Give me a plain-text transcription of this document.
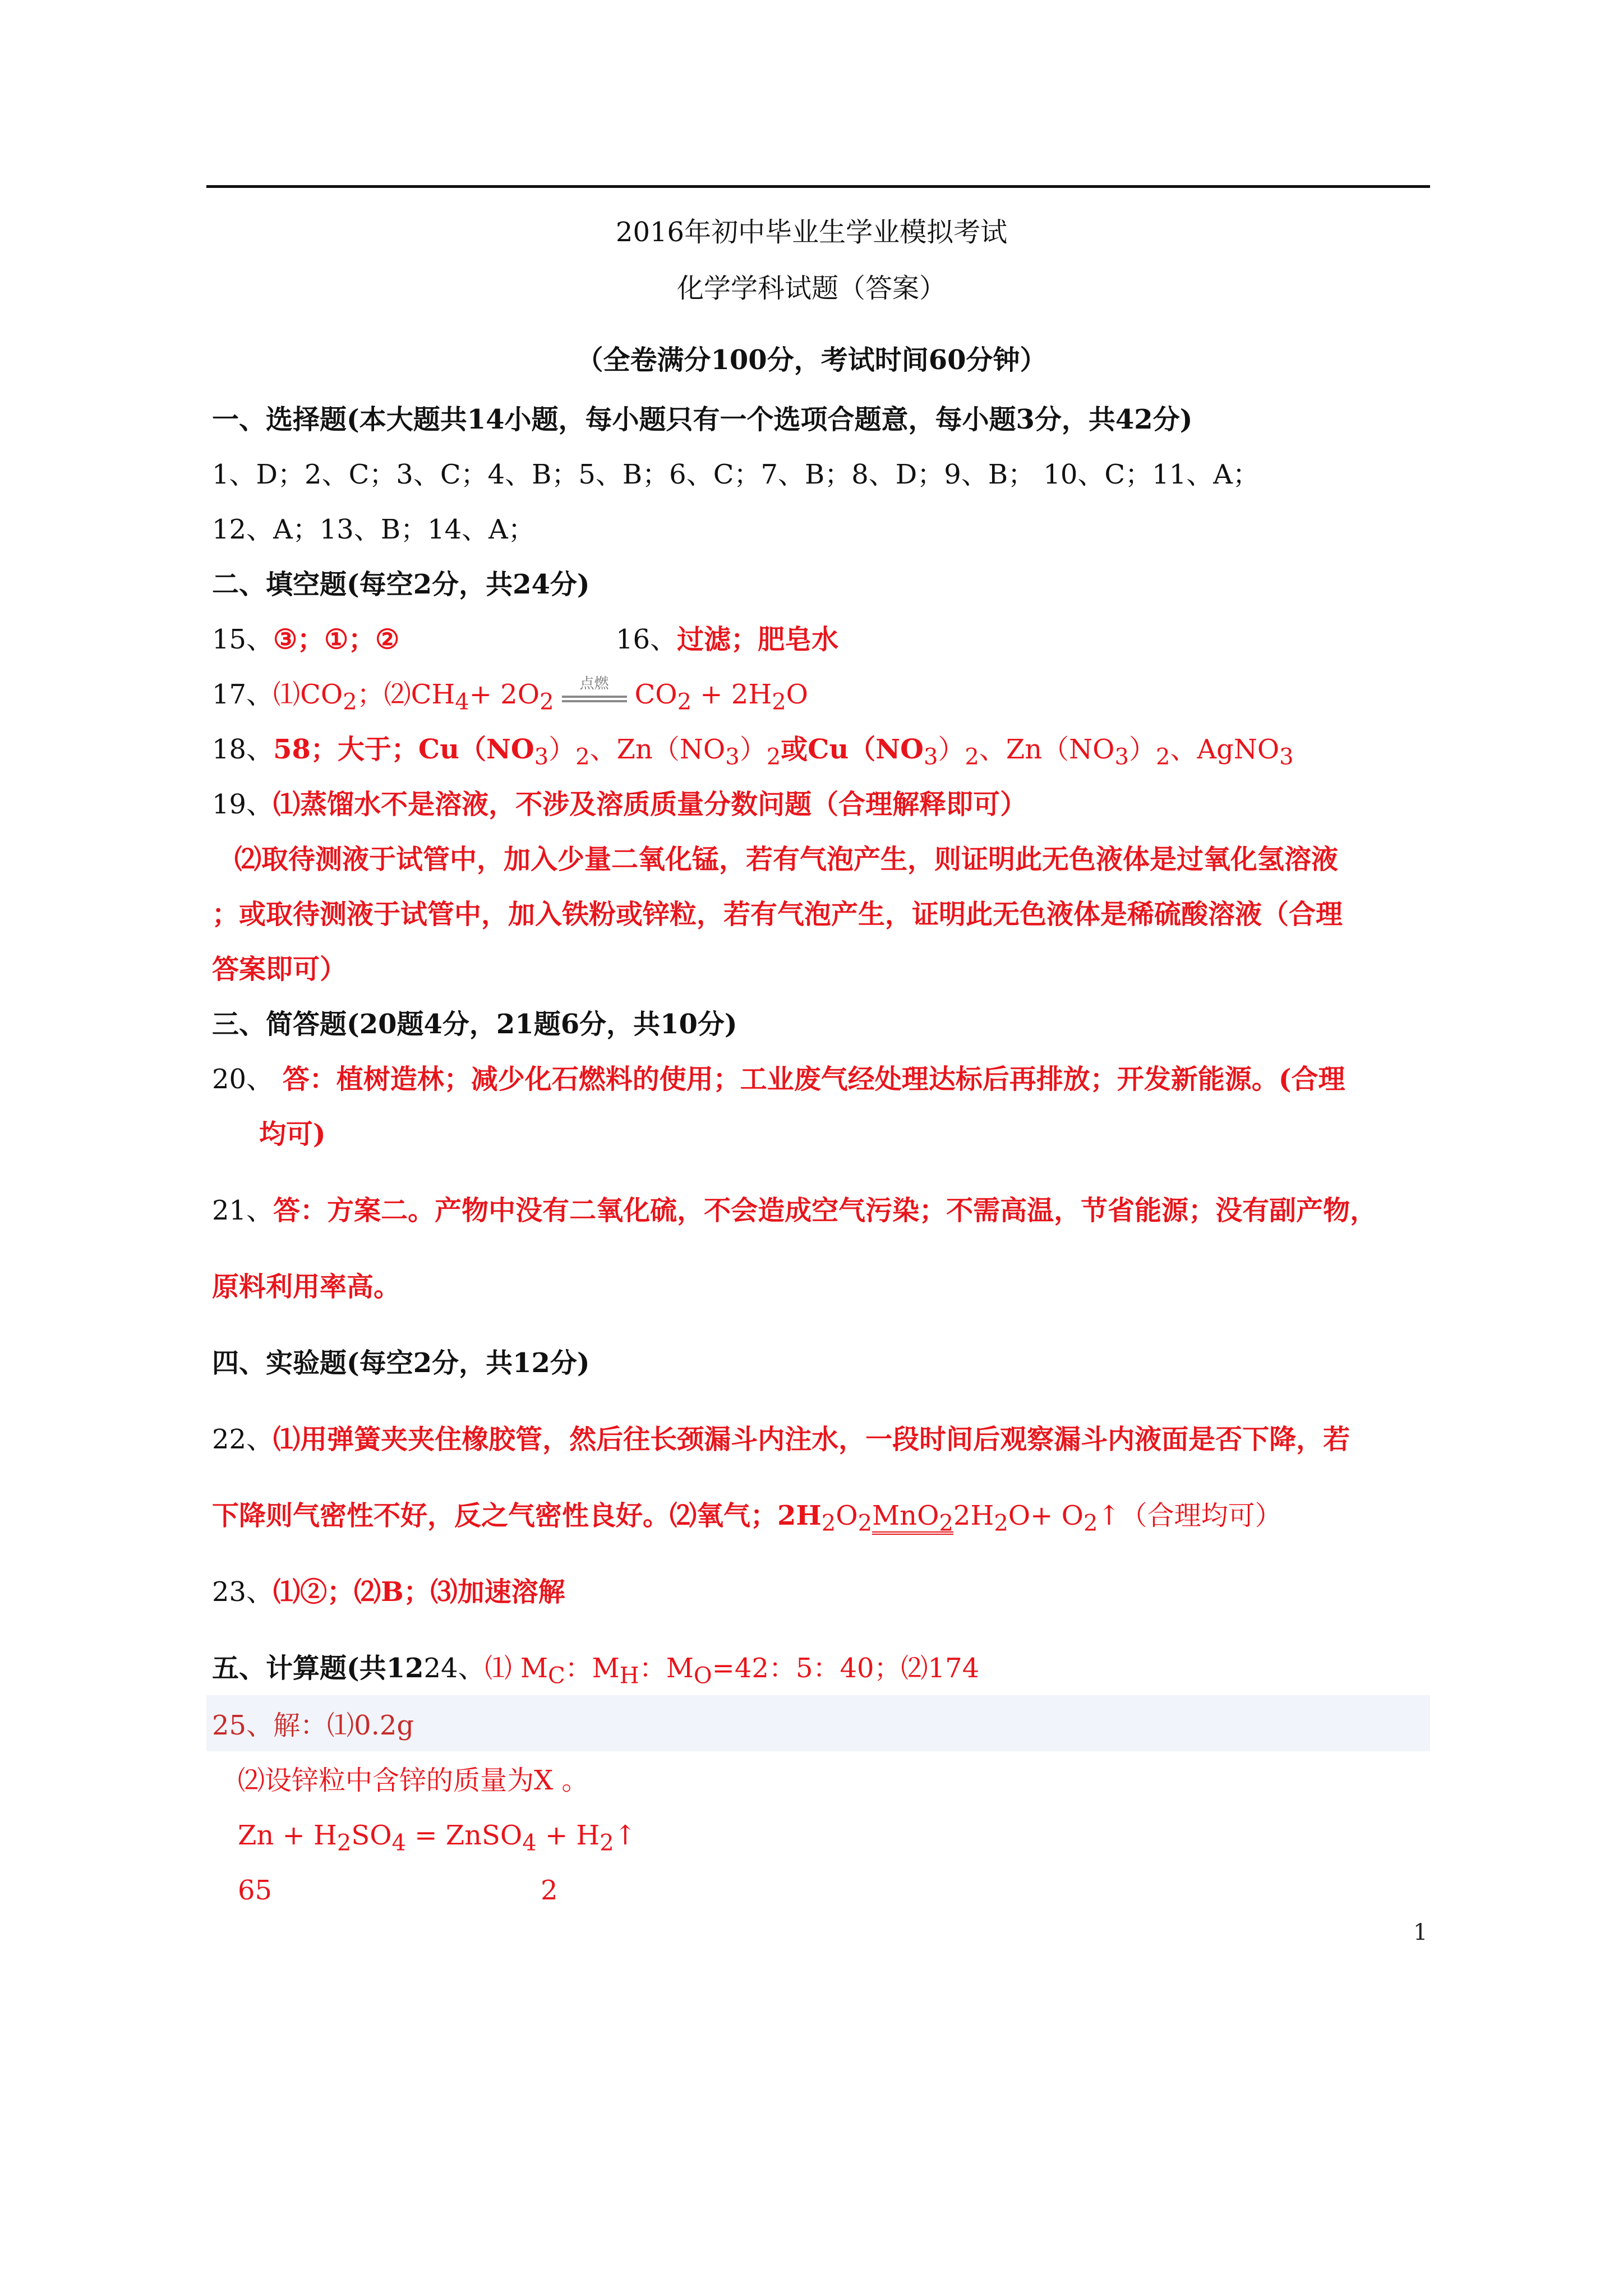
2016年初中毕业生学业模拟考试
化学学科试题（答案）
（全卷满分100分，考试时间60分钟）
一、选择题(本大题共14小题，每小题只有一个选项合题意，每小题3分，共42分)
1、D；2、C；3、C；4、B；5、B；6、C；7、B；8、D；9、B； 10、C；11、A；
12、A；13、B；14、A；
二、填空题(每空2分，共24分)
15、③；①；②	16、过滤；肥皂水
17、$⑴CO_2$；$⑵CH_4+ 2O_2$
点燃 $CO_2 + 2H_2O$
18、58；大于；$Cu(NO_3)_2$、$Zn(NO_3)_2$或$Cu(NO_3)_2$、$Zn(NO_3)_2$、AgNO$_3$
19、⑴蒸馏水不是溶液，不涉及溶质质量分数问题（合理解释即可）
⑵取待测液于试管中，加入少量二氧化锰，若有气泡产生，则证明此无色液体是过氧化氢溶液
；或取待测液于试管中，加入铁粉或锌粒，若有气泡产生，证明此无色液体是稀硫酸溶液（合理
答案即可）
三、简答题(20题4分，21题6分，共10分)
20、 答：植树造林；减少化石燃料的使用；工业废气经处理达标后再排放；开发新能源。(合理
均可)
21、答：方案二。产物中没有二氧化硫，不会造成空气污染；不需高温，节省能源；没有副产物，
原料利用率高。
四、实验题(每空2分，共12分)
22、⑴用弹簧夹夹住橡胶管，然后往长颈漏斗内注水，一段时间后观察漏斗内液面是否下降，若
下降则气密性不好，反之气密性良好。⑵氧气；$2H_2O_2MnO_22H_2O+$ $O_2↑$（合理均可）
23、⑴②；⑵B；⑶加速溶解
五、计算题(共1224、⑴ $M_C$：$M_H$：$M_O=42$：5：40；⑵174
25、解：⑴0.2g
⑵设锌粒中含锌的质量为X 。
$Zn + H_2SO_4$ = ZnSO$_4$ + $H_2↑$
65	2
1
